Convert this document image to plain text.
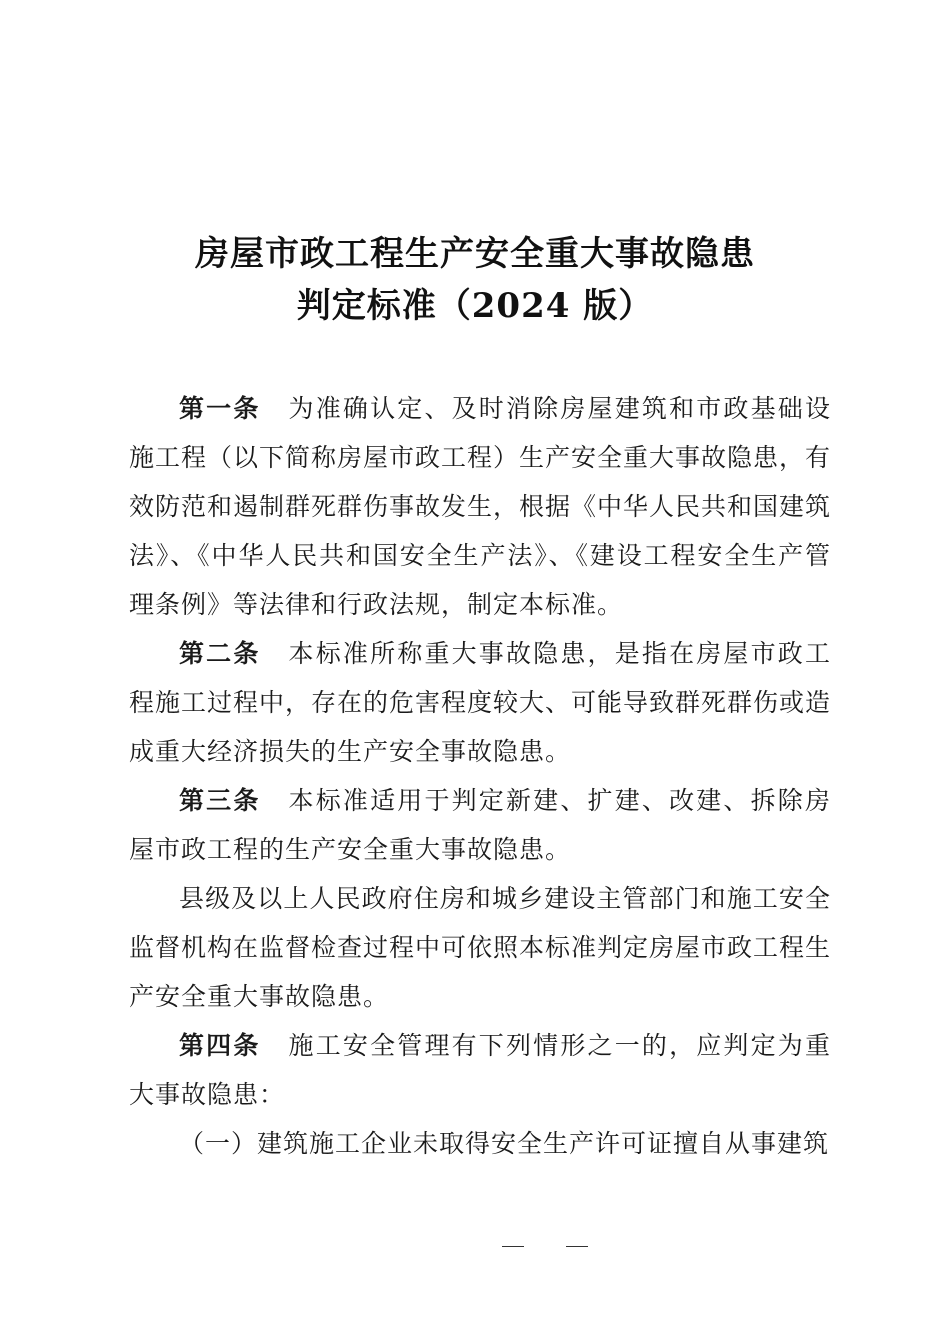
房屋市政工程生产安全重大事故隐患
判定标准（2024 版）

第一条 为准确认定、及时消除房屋建筑和市政基础设施工程（以下简称房屋市政工程）生产安全重大事故隐患，有效防范和遏制群死群伤事故发生，根据《中华人民共和国建筑法》、《中华人民共和国安全生产法》、《建设工程安全生产管理条例》等法律和行政法规，制定本标准。

第二条 本标准所称重大事故隐患，是指在房屋市政工程施工过程中，存在的危害程度较大、可能导致群死群伤或造成重大经济损失的生产安全事故隐患。

第三条 本标准适用于判定新建、扩建、改建、拆除房屋市政工程的生产安全重大事故隐患。

县级及以上人民政府住房和城乡建设主管部门和施工安全监督机构在监督检查过程中可依照本标准判定房屋市政工程生产安全重大事故隐患。

第四条 施工安全管理有下列情形之一的，应判定为重大事故隐患：

（一）建筑施工企业未取得安全生产许可证擅自从事建筑
